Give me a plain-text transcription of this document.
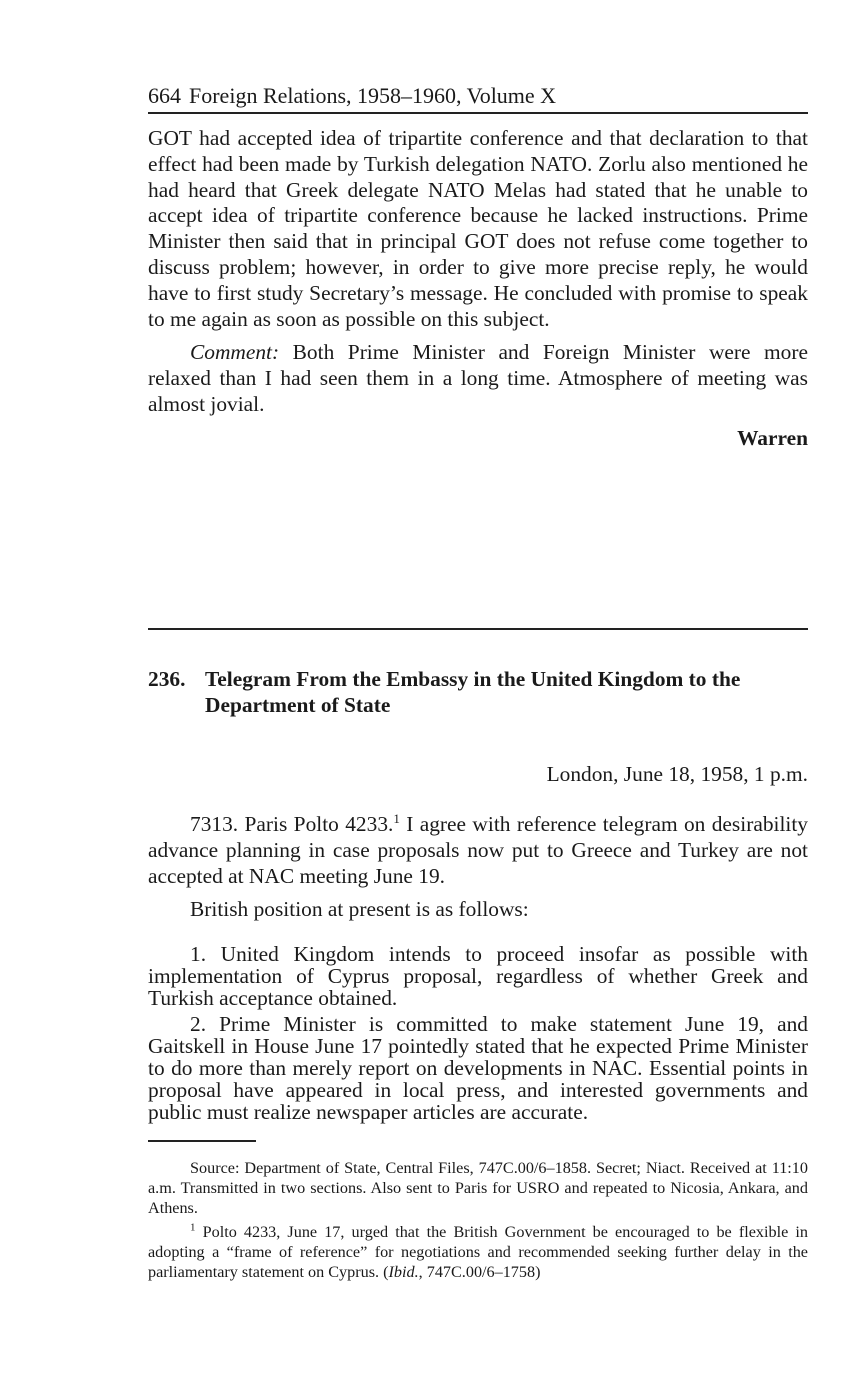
664 Foreign Relations, 1958–1960, Volume X

GOT had accepted idea of tripartite conference and that declaration to that effect had been made by Turkish delegation NATO. Zorlu also mentioned he had heard that Greek delegate NATO Melas had stated that he unable to accept idea of tripartite conference because he lacked instructions. Prime Minister then said that in principal GOT does not refuse come together to discuss problem; however, in order to give more precise reply, he would have to first study Secretary’s message. He concluded with promise to speak to me again as soon as possible on this subject.

Comment: Both Prime Minister and Foreign Minister were more relaxed than I had seen them in a long time. Atmosphere of meeting was almost jovial.

Warren
236. Telegram From the Embassy in the United Kingdom to the Department of State
London, June 18, 1958, 1 p.m.

7313. Paris Polto 4233.$^1$ I agree with reference telegram on desirability advance planning in case proposals now put to Greece and Turkey are not accepted at NAC meeting June 19.

British position at present is as follows:

1. United Kingdom intends to proceed insofar as possible with implementation of Cyprus proposal, regardless of whether Greek and Turkish acceptance obtained.

2. Prime Minister is committed to make statement June 19, and Gaitskell in House June 17 pointedly stated that he expected Prime Minister to do more than merely report on developments in NAC. Essential points in proposal have appeared in local press, and interested governments and public must realize newspaper articles are accurate.

Source: Department of State, Central Files, 747C.00/6–1858. Secret; Niact. Received at 11:10 a.m. Transmitted in two sections. Also sent to Paris for USRO and repeated to Nicosia, Ankara, and Athens.

$^1$ Polto 4233, June 17, urged that the British Government be encouraged to be flexible in adopting a “frame of reference” for negotiations and recommended seeking further delay in the parliamentary statement on Cyprus. (Ibid., 747C.00/6–1758)
